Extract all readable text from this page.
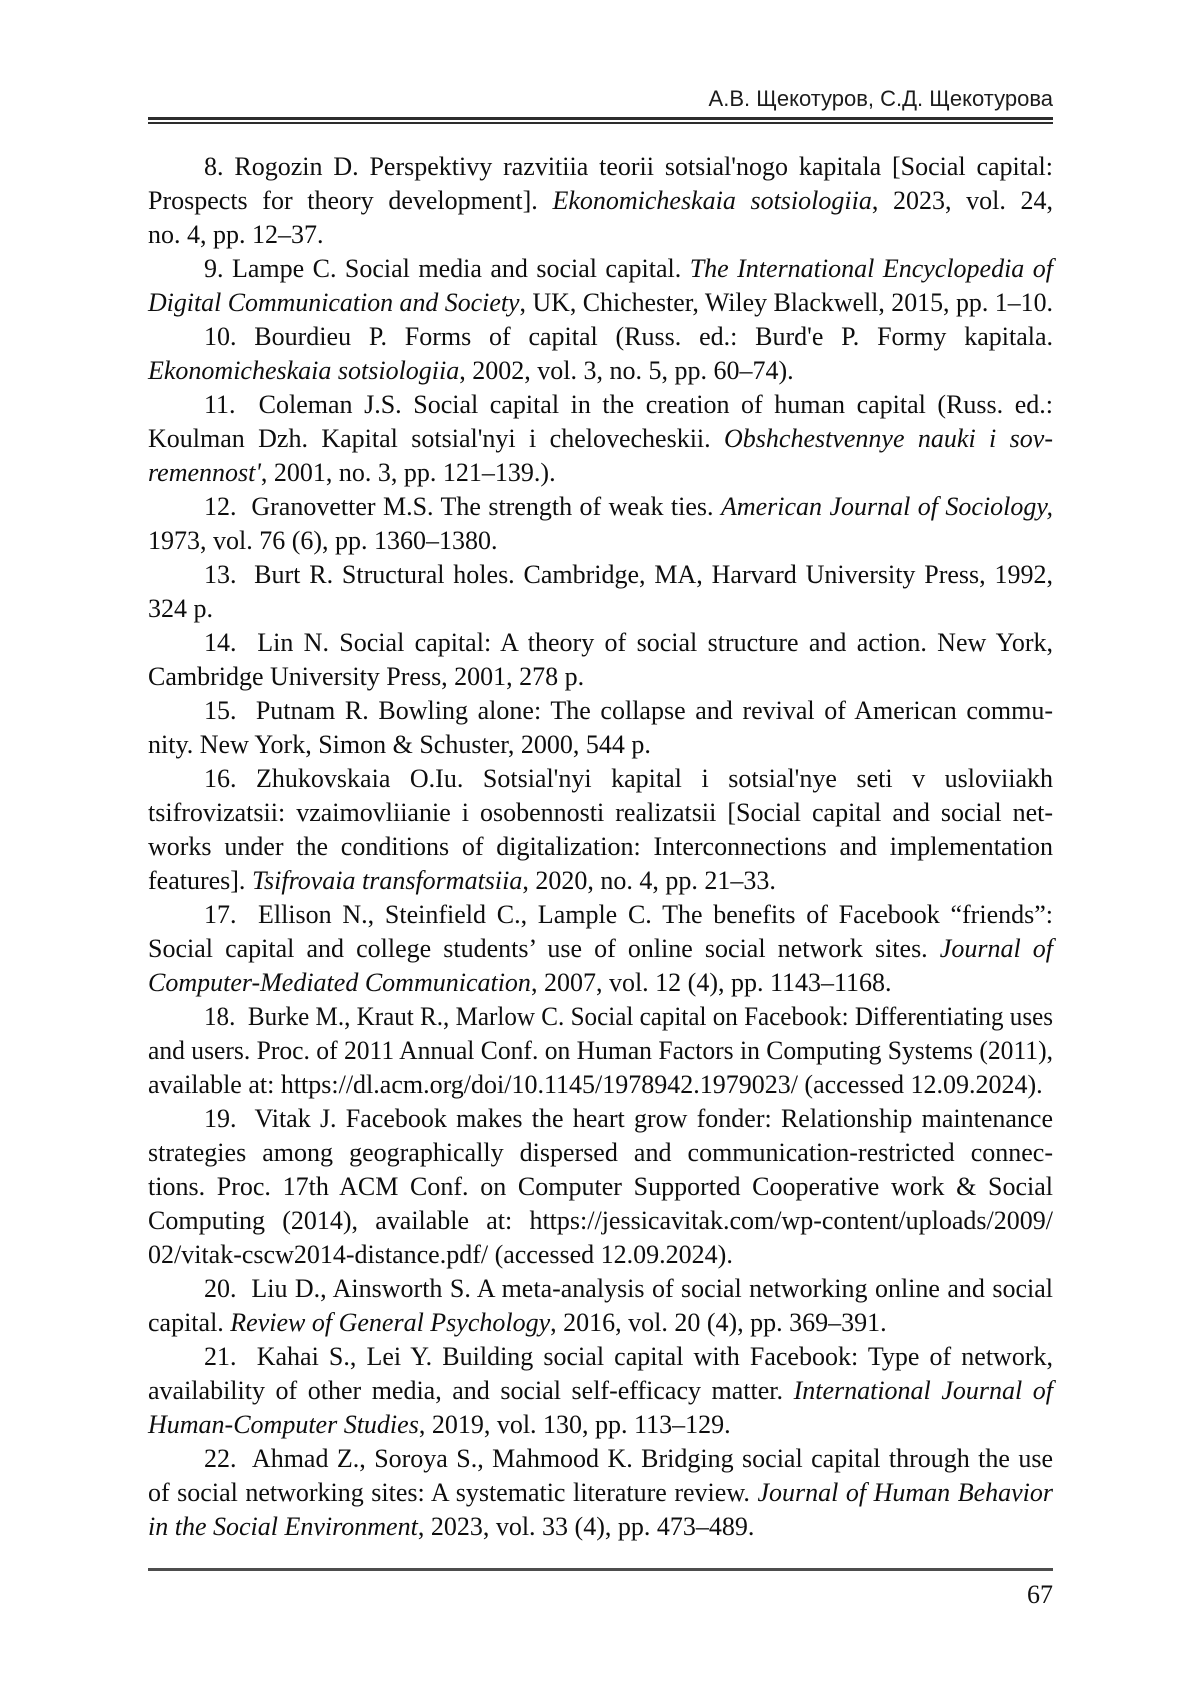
А.В. Щекотуров, С.Д. Щекотурова
8. Rogozin D. Perspektivy razvitiia teorii sotsial'nogo kapitala [Social capital:
Prospects for theory development]. Ekonomicheskaia sotsiologiia, 2023, vol. 24,
no. 4, pp. 12–37.
9. Lampe C. Social media and social capital. The International Encyclopedia of
Digital Communication and Society, UK, Chichester, Wiley Blackwell, 2015, pp. 1–10.
10. Bourdieu P. Forms of capital (Russ. ed.: Burd'e P. Formy kapitala.
Ekonomicheskaia sotsiologiia, 2002, vol. 3, no. 5, pp. 60–74).
11.  Coleman J.S. Social capital in the creation of human capital (Russ. ed.:
Koulman Dzh. Kapital sotsial'nyi i chelovecheskii. Obshchestvennye nauki i sov-
remennost', 2001, no. 3, pp. 121–139.).
12.  Granovetter M.S. The strength of weak ties. American Journal of Sociology,
1973, vol. 76 (6), pp. 1360–1380.
13.  Burt R. Structural holes. Cambridge, MA, Harvard University Press, 1992,
324 p.
14.  Lin N. Social capital: A theory of social structure and action. New York,
Cambridge University Press, 2001, 278 p.
15.  Putnam R. Bowling alone: The collapse and revival of American commu-
nity. New York, Simon & Schuster, 2000, 544 p.
16. Zhukovskaia O.Iu. Sotsial'nyi kapital i sotsial'nye seti v usloviiakh
tsifrovizatsii: vzaimovliianie i osobennosti realizatsii [Social capital and social net-
works under the conditions of digitalization: Interconnections and implementation
features]. Tsifrovaia transformatsiia, 2020, no. 4, pp. 21–33.
17.  Ellison N., Steinfield C., Lample C. The benefits of Facebook “friends”:
Social capital and college students’ use of online social network sites. Journal of
Computer-Mediated Communication, 2007, vol. 12 (4), pp. 1143–1168.
18.  Burke M., Kraut R., Marlow C. Social capital on Facebook: Differentiating uses
and users. Proc. of 2011 Annual Conf. on Human Factors in Computing Systems (2011),
available at: https://dl.acm.org/doi/10.1145/1978942.1979023/ (accessed 12.09.2024).
19.  Vitak J. Facebook makes the heart grow fonder: Relationship maintenance
strategies among geographically dispersed and communication-restricted connec-
tions. Proc. 17th ACM Conf. on Computer Supported Cooperative work & Social
Computing (2014), available at: https://jessicavitak.com/wp-content/uploads/2009/
02/vitak-cscw2014-distance.pdf/ (accessed 12.09.2024).
20.  Liu D., Ainsworth S. A meta-analysis of social networking online and social
capital. Review of General Psychology, 2016, vol. 20 (4), pp. 369–391.
21.  Kahai S., Lei Y. Building social capital with Facebook: Type of network,
availability of other media, and social self-efficacy matter. International Journal of
Human-Computer Studies, 2019, vol. 130, pp. 113–129.
22.  Ahmad Z., Soroya S., Mahmood K. Bridging social capital through the use
of social networking sites: A systematic literature review. Journal of Human Behavior
in the Social Environment, 2023, vol. 33 (4), pp. 473–489.
67
